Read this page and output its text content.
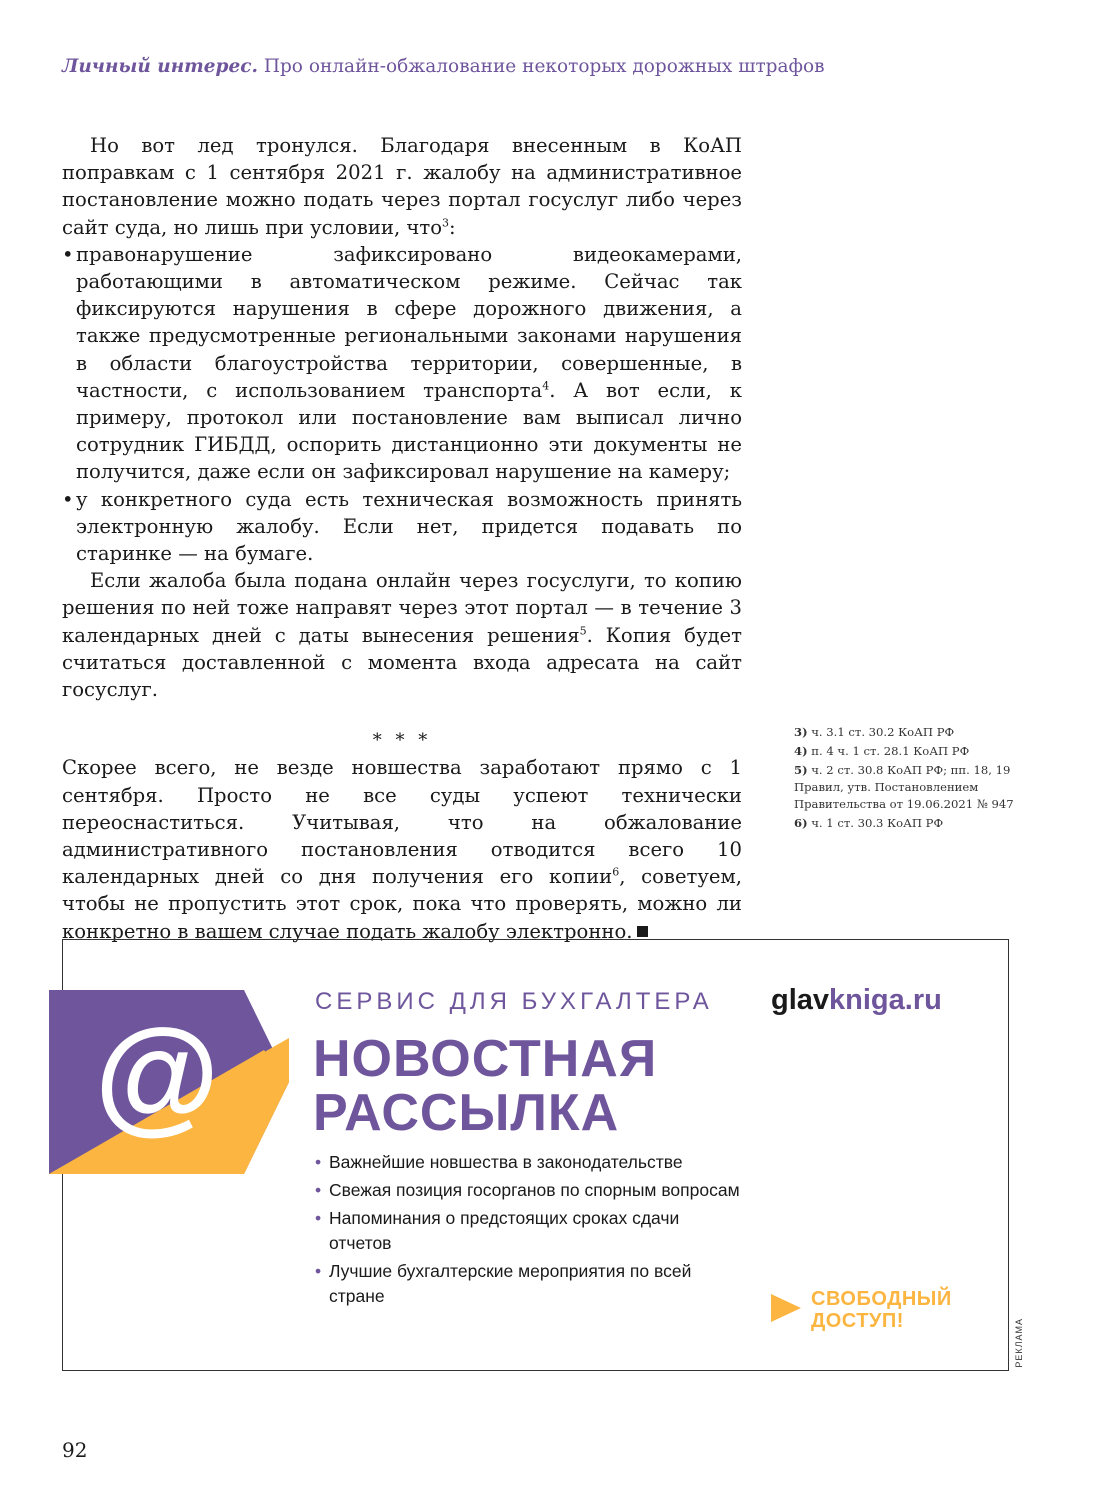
Личный интерес. Про онлайн-обжалование некоторых дорожных штрафов

Но вот лед тронулся. Благодаря внесенным в КоАП поправкам с 1 сентября 2021 г. жалобу на административное постановление можно подать через портал госуслуг либо через сайт суда, но лишь при условии, что$^3$:

• правонарушение зафиксировано видеокамерами, работающими в автоматическом режиме. Сейчас так фиксируются нарушения в сфере дорожного движения, а также предусмотренные региональными законами нарушения в области благоустройства территории, совершенные, в частности, с использованием транспорта$^4$. А вот если, к примеру, протокол или постановление вам выписал лично сотрудник ГИБДД, оспорить дистанционно эти документы не получится, даже если он зафиксировал нарушение на камеру;
• у конкретного суда есть техническая возможность принять электронную жалобу. Если нет, придется подавать по старинке — на бумаге.

Если жалоба была подана онлайн через госуслуги, то копию решения по ней тоже направят через этот портал — в течение 3 календарных дней с даты вынесения решения$^5$. Копия будет считаться доставленной с момента входа адресата на сайт госуслуг.

* * *

Скорее всего, не везде новшества заработают прямо с 1 сентября. Просто не все суды успеют технически переоснаститься. Учитывая, что на обжалование административного постановления отводится всего 10 календарных дней со дня получения его копии$^6$, советуем, чтобы не пропустить этот срок, пока что проверять, можно ли конкретно в вашем случае подать жалобу электронно.

3) ч. 3.1 ст. 30.2 КоАП РФ
4) п. 4 ч. 1 ст. 28.1 КоАП РФ
5) ч. 2 ст. 30.8 КоАП РФ; пп. 18, 19 Правил, утв. Постановлением Правительства от 19.06.2021 № 947
6) ч. 1 ст. 30.3 КоАП РФ
@
СЕРВИС ДЛЯ БУХГАЛТЕРА glavkniga.ru
НОВОСТНАЯ
РАССЫЛКА
• Важнейшие новшества в законодательстве
• Свежая позиция госорганов по спорным вопросам
• Напоминания о предстоящих сроках сдачи отчетов
• Лучшие бухгалтерские мероприятия по всей стране	СВОБОДНЫЙ
ДОСТУП!	РЕКЛАМА
92
